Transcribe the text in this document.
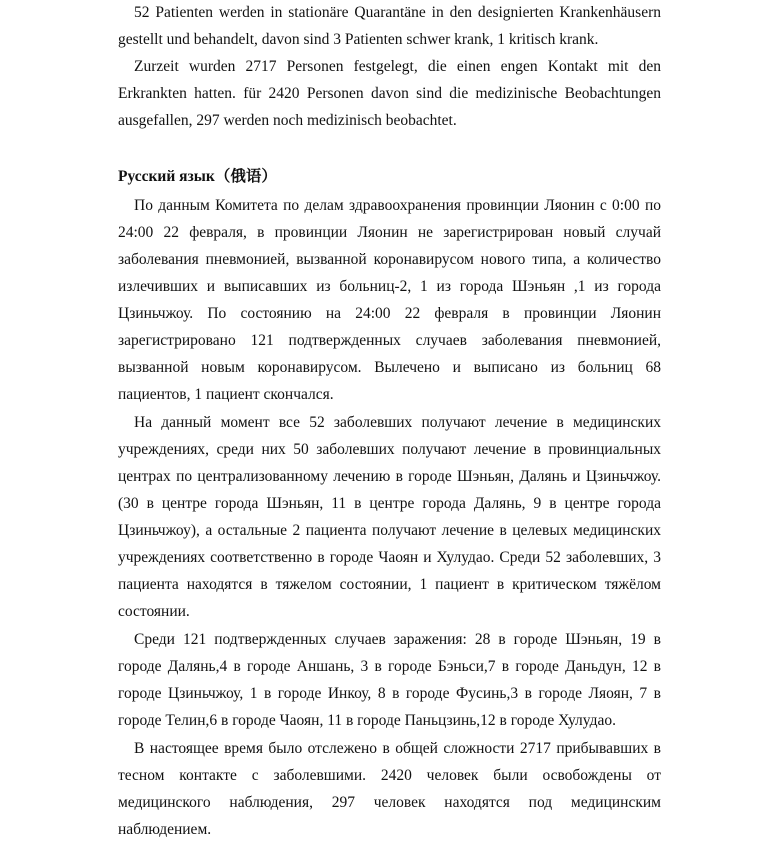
52 Patienten werden in stationäre Quarantäne in den designierten Krankenhäusern
gestellt und behandelt, davon sind 3 Patienten schwer krank, 1 kritisch krank.
Zurzeit wurden 2717 Personen festgelegt, die einen engen Kontakt mit den
Erkrankten hatten. für 2420 Personen davon sind die medizinische Beobachtungen
ausgefallen, 297 werden noch medizinisch beobachtet.
Русский язык（俄语）
По данным Комитета по делам здравоохранения провинции Ляонин с 0:00 по
24:00 22 февраля, в провинции Ляонин не зарегистрирован новый случай
заболевания пневмонией, вызванной коронавирусом нового типа, а количество
излечивших и выписавших из больниц-2, 1 из города Шэньян ,1 из города
Цзиньчжоу. По состоянию на 24:00 22 февраля в провинции Ляонин
зарегистрировано 121 подтвержденных случаев заболевания пневмонией,
вызванной новым коронавирусом. Вылечено и выписано из больниц 68
пациентов, 1 пациент скончался.
На данный момент все 52 заболевших получают лечение в медицинских
учреждениях, среди них 50 заболевших получают лечение в провинциальных
центрах по централизованному лечению в городе Шэньян, Далянь и Цзиньчжоу.
(30 в центре города Шэньян, 11 в центре города Далянь, 9 в центре города
Цзиньчжоу), а остальные 2 пациента получают лечение в целевых медицинских
учреждениях соответственно в городе Чаоян и Хулудао. Среди 52 заболевших, 3
пациента находятся в тяжелом состоянии, 1 пациент в критическом тяжёлом
состоянии.
Среди 121 подтвержденных случаев заражения: 28 в городе Шэньян, 19 в
городе Далянь,4 в городе Аншань, 3 в городе Бэньси,7 в городе Даньдун, 12 в
городе Цзиньчжоу, 1 в городе Инкоу, 8 в городе Фусинь,3 в городе Ляоян, 7 в
городе Телин,6 в городе Чаоян, 11 в городе Паньцзинь,12 в городе Хулудао.
В настоящее время было отслежено в общей сложности 2717 прибывавших в
тесном контакте с заболевшими. 2420 человек были освобождены от
медицинского наблюдения, 297 человек находятся под медицинским
наблюдением.
